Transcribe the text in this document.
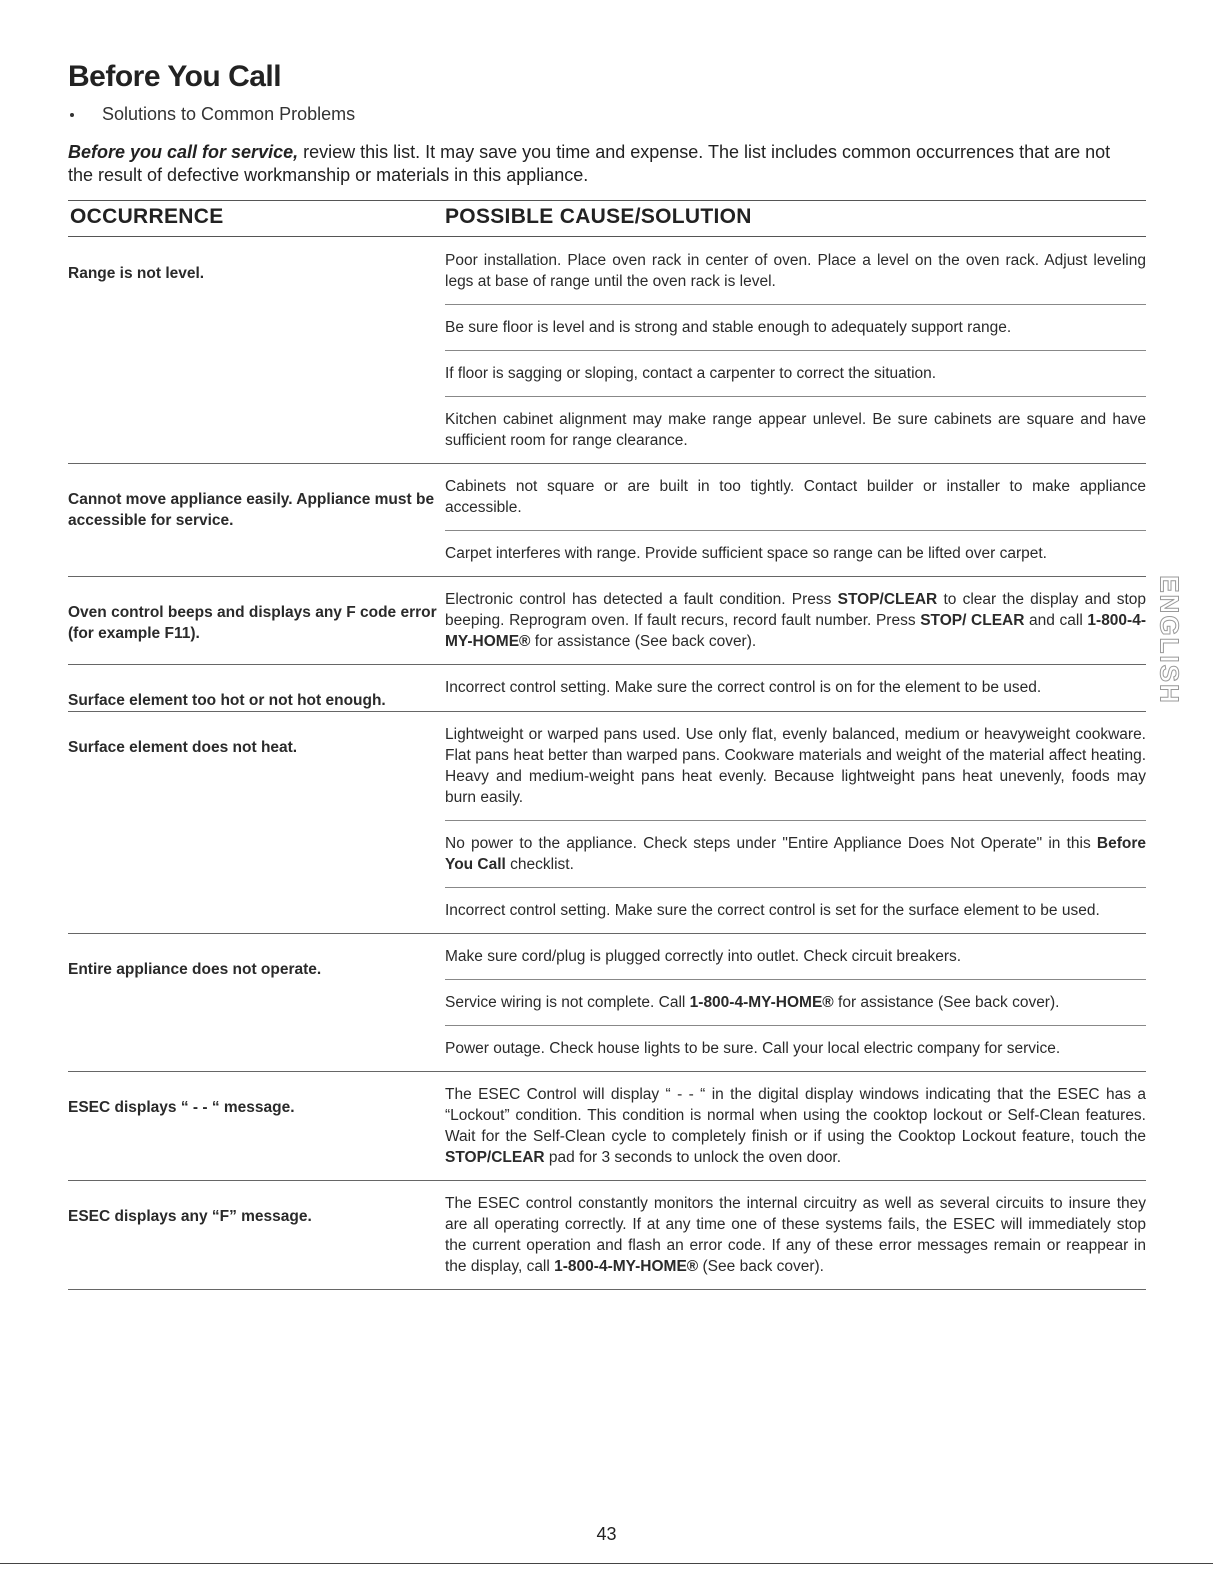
Before You Call
Solutions to Common Problems
Before you call for service, review this list. It may save you time and expense. The list includes common occurrences that are not the result of defective workmanship or materials in this appliance.
OCCURRENCE	POSSIBLE CAUSE/SOLUTION
Range is not level.
Poor installation. Place oven rack in center of oven. Place a level on the oven rack. Adjust leveling legs at base of range until the oven rack is level.
Be sure floor is level and is strong and stable enough to adequately support range.
If floor is sagging or sloping, contact a carpenter to correct the situation.
Kitchen cabinet alignment may make range appear unlevel. Be sure cabinets are square and have sufficient room for range clearance.
Cannot move appliance easily. Appliance must be accessible for service.
Cabinets not square or are built in too tightly. Contact builder or installer to make appliance accessible.
Carpet interferes with range. Provide sufficient space so range can be lifted over carpet.
Oven control beeps and displays any F code error (for example F11).
Electronic control has detected a fault condition. Press STOP/CLEAR to clear the display and stop beeping. Reprogram oven. If fault recurs, record fault number. Press STOP/ CLEAR and call 1-800-4-MY-HOME® for assistance (See back cover).
Surface element too hot or not hot enough.
Incorrect control setting. Make sure the correct control is on for the element to be used.
Surface element does not heat.
Lightweight or warped pans used. Use only flat, evenly balanced, medium or heavyweight cookware. Flat pans heat better than warped pans. Cookware materials and weight of the material affect heating. Heavy and medium-weight pans heat evenly. Because lightweight pans heat unevenly, foods may burn easily.
No power to the appliance. Check steps under "Entire Appliance Does Not Operate" in this Before You Call checklist.
Incorrect control setting. Make sure the correct control is set for the surface element to be used.
Entire appliance does not operate.
Make sure cord/plug is plugged correctly into outlet. Check circuit breakers.
Service wiring is not complete. Call 1-800-4-MY-HOME® for assistance (See back cover).
Power outage. Check house lights to be sure. Call your local electric company for service.
ESEC displays “ - - “ message.
The ESEC Control will display “ - - “ in the digital display windows indicating that the ESEC has a “Lockout” condition. This condition is normal when using the cooktop lockout or Self-Clean features. Wait for the Self-Clean cycle to completely finish or if using the Cooktop Lockout feature, touch the STOP/CLEAR pad for 3 seconds to unlock the oven door.
ESEC displays any “F” message.
The ESEC control constantly monitors the internal circuitry as well as several circuits to insure they are all operating correctly. If at any time one of these systems fails, the ESEC will immediately stop the current operation and flash an error code. If any of these error messages remain or reappear in the display, call 1-800-4-MY-HOME® (See back cover).
ENGLISH
43
